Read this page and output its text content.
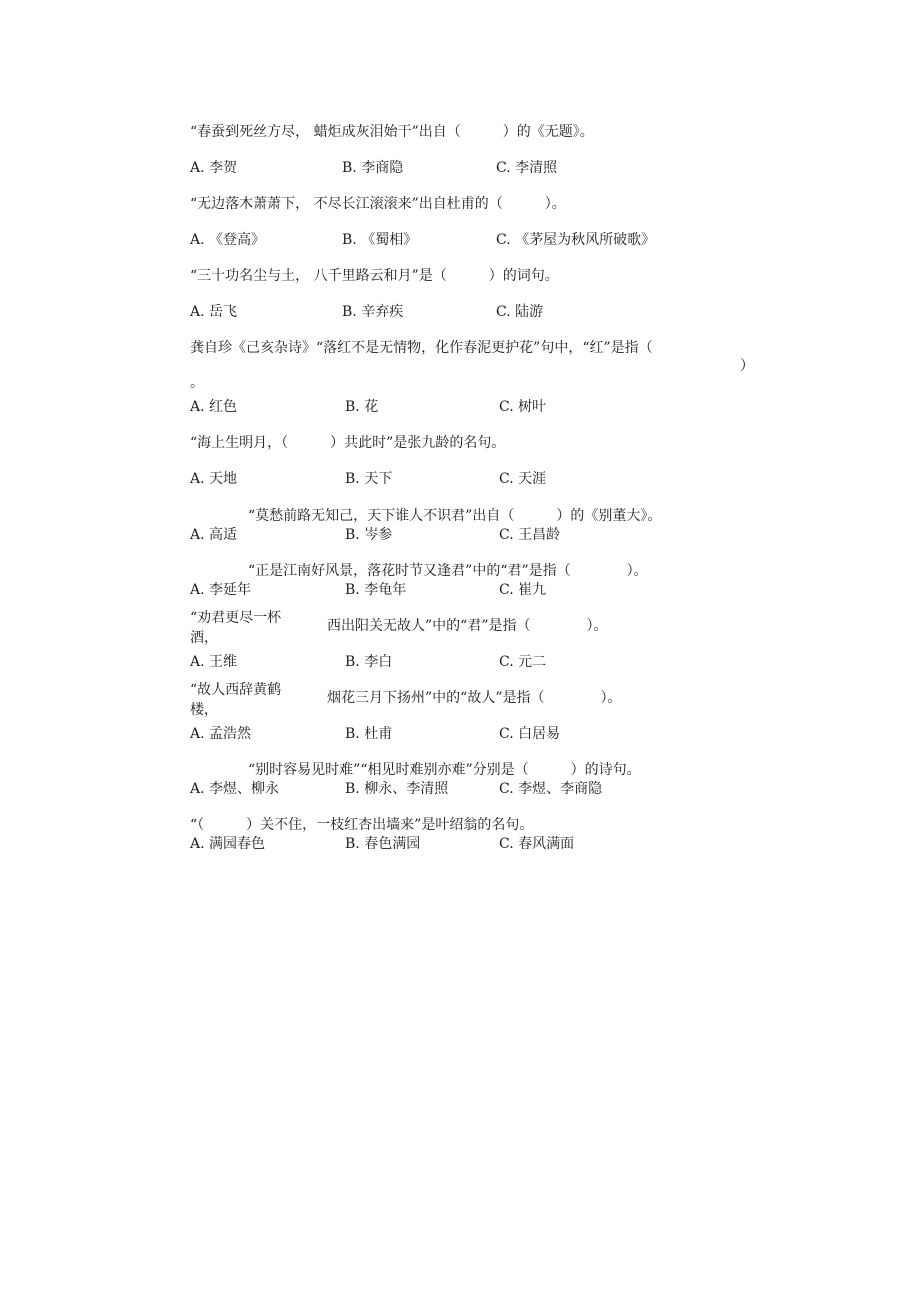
“春蚕到死丝方尽， 蜡炬成灰泪始干”出自（　　　）的《无题》。
A. 李贺	B. 李商隐	C. 李清照
“无边落木萧萧下， 不尽长江滚滚来”出自杜甫的（　　　）。
A. 《登高》	B. 《蜀相》	C. 《茅屋为秋风所破歌》
“三十功名尘与土， 八千里路云和月”是（　　　）的词句。
A. 岳飞	B. 辛弃疾	C. 陆游
龚自珍《己亥杂诗》“落红不是无情物，化作春泥更护花”句中，“红”是指（
）
。
A. 红色	B. 花	C. 树叶
“海上生明月，（　　　）共此时”是张九龄的名句。
A. 天地	B. 天下	C. 天涯
“莫愁前路无知己，天下谁人不识君”出自（　　　）的《别董大》。
A. 高适	B. 岑参	C. 王昌龄
“正是江南好风景，落花时节又逢君”中的“君”是指（　　　　）。
A. 李延年	B. 李龟年	C. 崔九
“劝君更尽一杯
酒，
西出阳关无故人”中的“君”是指（　　　　）。
A. 王维	B. 李白	C. 元二
“故人西辞黄鹤
楼，
烟花三月下扬州”中的“故人”是指（　　　　）。
A. 孟浩然	B. 杜甫	C. 白居易
“别时容易见时难”“相见时难别亦难”分别是（　　　）的诗句。
A. 李煜、柳永	B. 柳永、李清照	C. 李煜、李商隐
“（　　　）关不住，一枝红杏出墙来”是叶绍翁的名句。
A. 满园春色	B. 春色满园	C. 春风满面
